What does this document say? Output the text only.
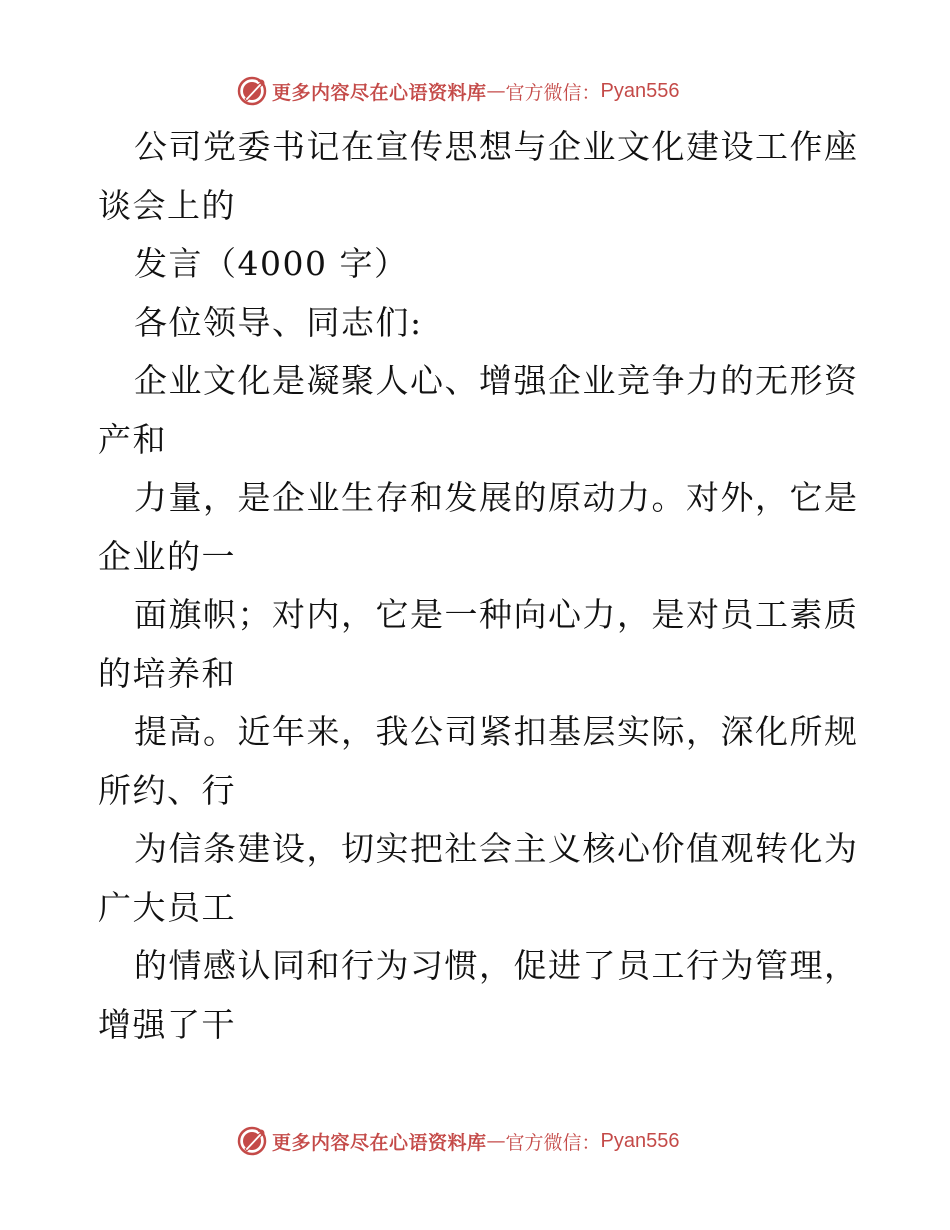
更多内容尽在心语资料库 — 官方微信： Pyan556
公司党委书记在宣传思想与企业文化建设工作座
谈会上的
发言（4000 字）
各位领导、同志们:
企业文化是凝聚人心、增强企业竞争力的无形资
产和
力量，是企业生存和发展的原动力。对外，它是
企业的一
面旗帜；对内，它是一种向心力，是对员工素质
的培养和
提高。近年来，我公司紧扣基层实际，深化所规
所约、行
为信条建设，切实把社会主义核心价值观转化为
广大员工
的情感认同和行为习惯，促进了员工行为管理，
增强了干
更多内容尽在心语资料库 — 官方微信： Pyan556
